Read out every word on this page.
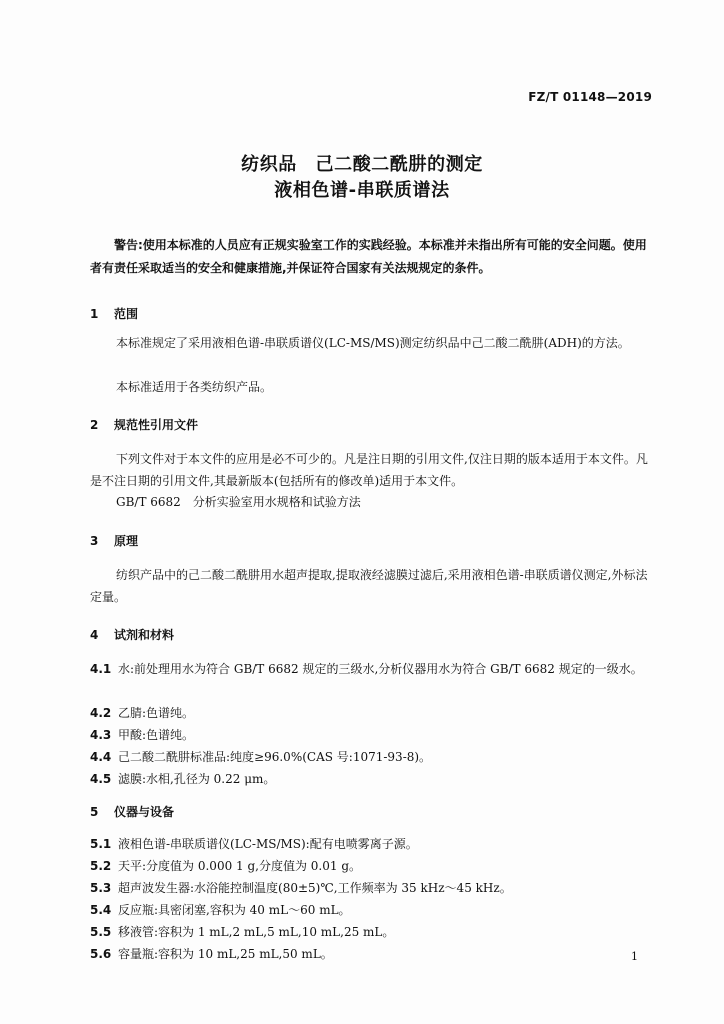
FZ/T 01148—2019
纺织品　己二酸二酰肼的测定
液相色谱-串联质谱法
警告:使用本标准的人员应有正规实验室工作的实践经验。本标准并未指出所有可能的安全问题。使用者有责任采取适当的安全和健康措施,并保证符合国家有关法规规定的条件。
1 范围
本标准规定了采用液相色谱-串联质谱仪(LC-MS/MS)测定纺织品中己二酸二酰肼(ADH)的方法。
本标准适用于各类纺织产品。
2 规范性引用文件
下列文件对于本文件的应用是必不可少的。凡是注日期的引用文件,仅注日期的版本适用于本文件。凡是不注日期的引用文件,其最新版本(包括所有的修改单)适用于本文件。
GB/T 6682　分析实验室用水规格和试验方法
3 原理
纺织产品中的己二酸二酰肼用水超声提取,提取液经滤膜过滤后,采用液相色谱-串联质谱仪测定,外标法定量。
4 试剂和材料
4.1 水:前处理用水为符合 GB/T 6682 规定的三级水,分析仪器用水为符合 GB/T 6682 规定的一级水。
4.2 乙腈:色谱纯。
4.3 甲酸:色谱纯。
4.4 己二酸二酰肼标准品:纯度≥96.0%(CAS 号:1071-93-8)。
4.5 滤膜:水相,孔径为 0.22 μm。
5 仪器与设备
5.1 液相色谱-串联质谱仪(LC-MS/MS):配有电喷雾离子源。
5.2 天平:分度值为 0.000 1 g,分度值为 0.01 g。
5.3 超声波发生器:水浴能控制温度(80±5)℃,工作频率为 35 kHz～45 kHz。
5.4 反应瓶:具密闭塞,容积为 40 mL～60 mL。
5.5 移液管:容积为 1 mL,2 mL,5 mL,10 mL,25 mL。
5.6 容量瓶:容积为 10 mL,25 mL,50 mL。	1
